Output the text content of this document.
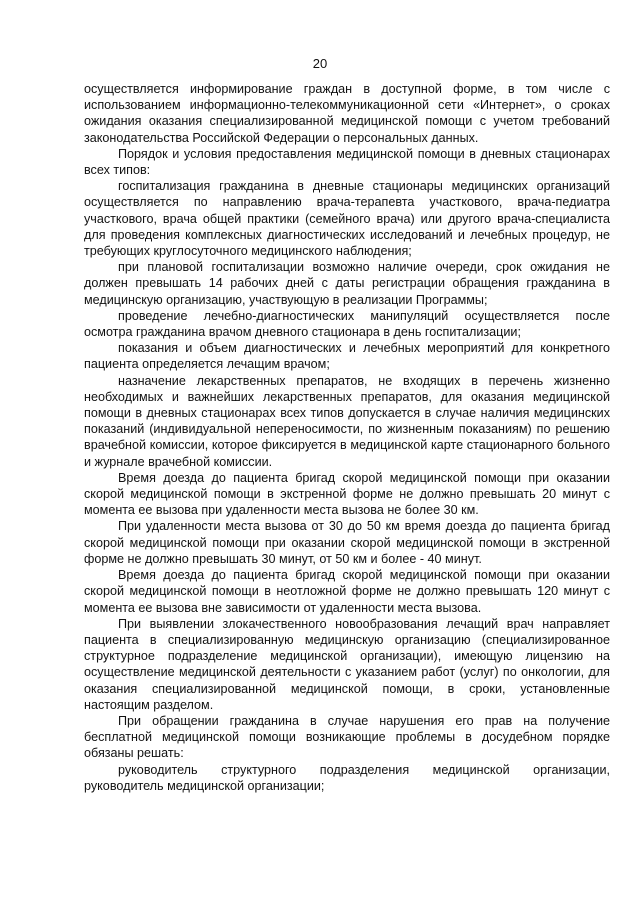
20

осуществляется информирование граждан в доступной форме, в том числе с использованием информационно-телекоммуникационной сети «Интернет», о сроках ожидания оказания специализированной медицинской помощи с учетом требований законодательства Российской Федерации о персональных данных.

Порядок и условия предоставления медицинской помощи в дневных стационарах всех типов:

госпитализация гражданина в дневные стационары медицинских организаций осуществляется по направлению врача-терапевта участкового, врача-педиатра участкового, врача общей практики (семейного врача) или другого врача-специалиста для проведения комплексных диагностических исследований и лечебных процедур, не требующих круглосуточного медицинского наблюдения;

при плановой госпитализации возможно наличие очереди, срок ожидания не должен превышать 14 рабочих дней с даты регистрации обращения гражданина в медицинскую организацию, участвующую в реализации Программы;

проведение лечебно-диагностических манипуляций осуществляется после осмотра гражданина врачом дневного стационара в день госпитализации;

показания и объем диагностических и лечебных мероприятий для конкретного пациента определяется лечащим врачом;

назначение лекарственных препаратов, не входящих в перечень жизненно необходимых и важнейших лекарственных препаратов, для оказания медицинской помощи в дневных стационарах всех типов допускается в случае наличия медицинских показаний (индивидуальной непереносимости, по жизненным показаниям) по решению врачебной комиссии, которое фиксируется в медицинской карте стационарного больного и журнале врачебной комиссии.

Время доезда до пациента бригад скорой медицинской помощи при оказании скорой медицинской помощи в экстренной форме не должно превышать 20 минут с момента ее вызова при удаленности места вызова не более 30 км.

При удаленности места вызова от 30 до 50 км время доезда до пациента бригад скорой медицинской помощи при оказании скорой медицинской помощи в экстренной форме не должно превышать 30 минут, от 50 км и более - 40 минут.

Время доезда до пациента бригад скорой медицинской помощи при оказании скорой медицинской помощи в неотложной форме не должно превышать 120 минут с момента ее вызова вне зависимости от удаленности места вызова.

При выявлении злокачественного новообразования лечащий врач направляет пациента в специализированную медицинскую организацию (специализированное структурное подразделение медицинской организации), имеющую лицензию на осуществление медицинской деятельности с указанием работ (услуг) по онкологии, для оказания специализированной медицинской помощи, в сроки, установленные настоящим разделом.

При обращении гражданина в случае нарушения его прав на получение бесплатной медицинской помощи возникающие проблемы в досудебном порядке обязаны решать:

руководитель структурного подразделения медицинской организации, руководитель медицинской организации;
